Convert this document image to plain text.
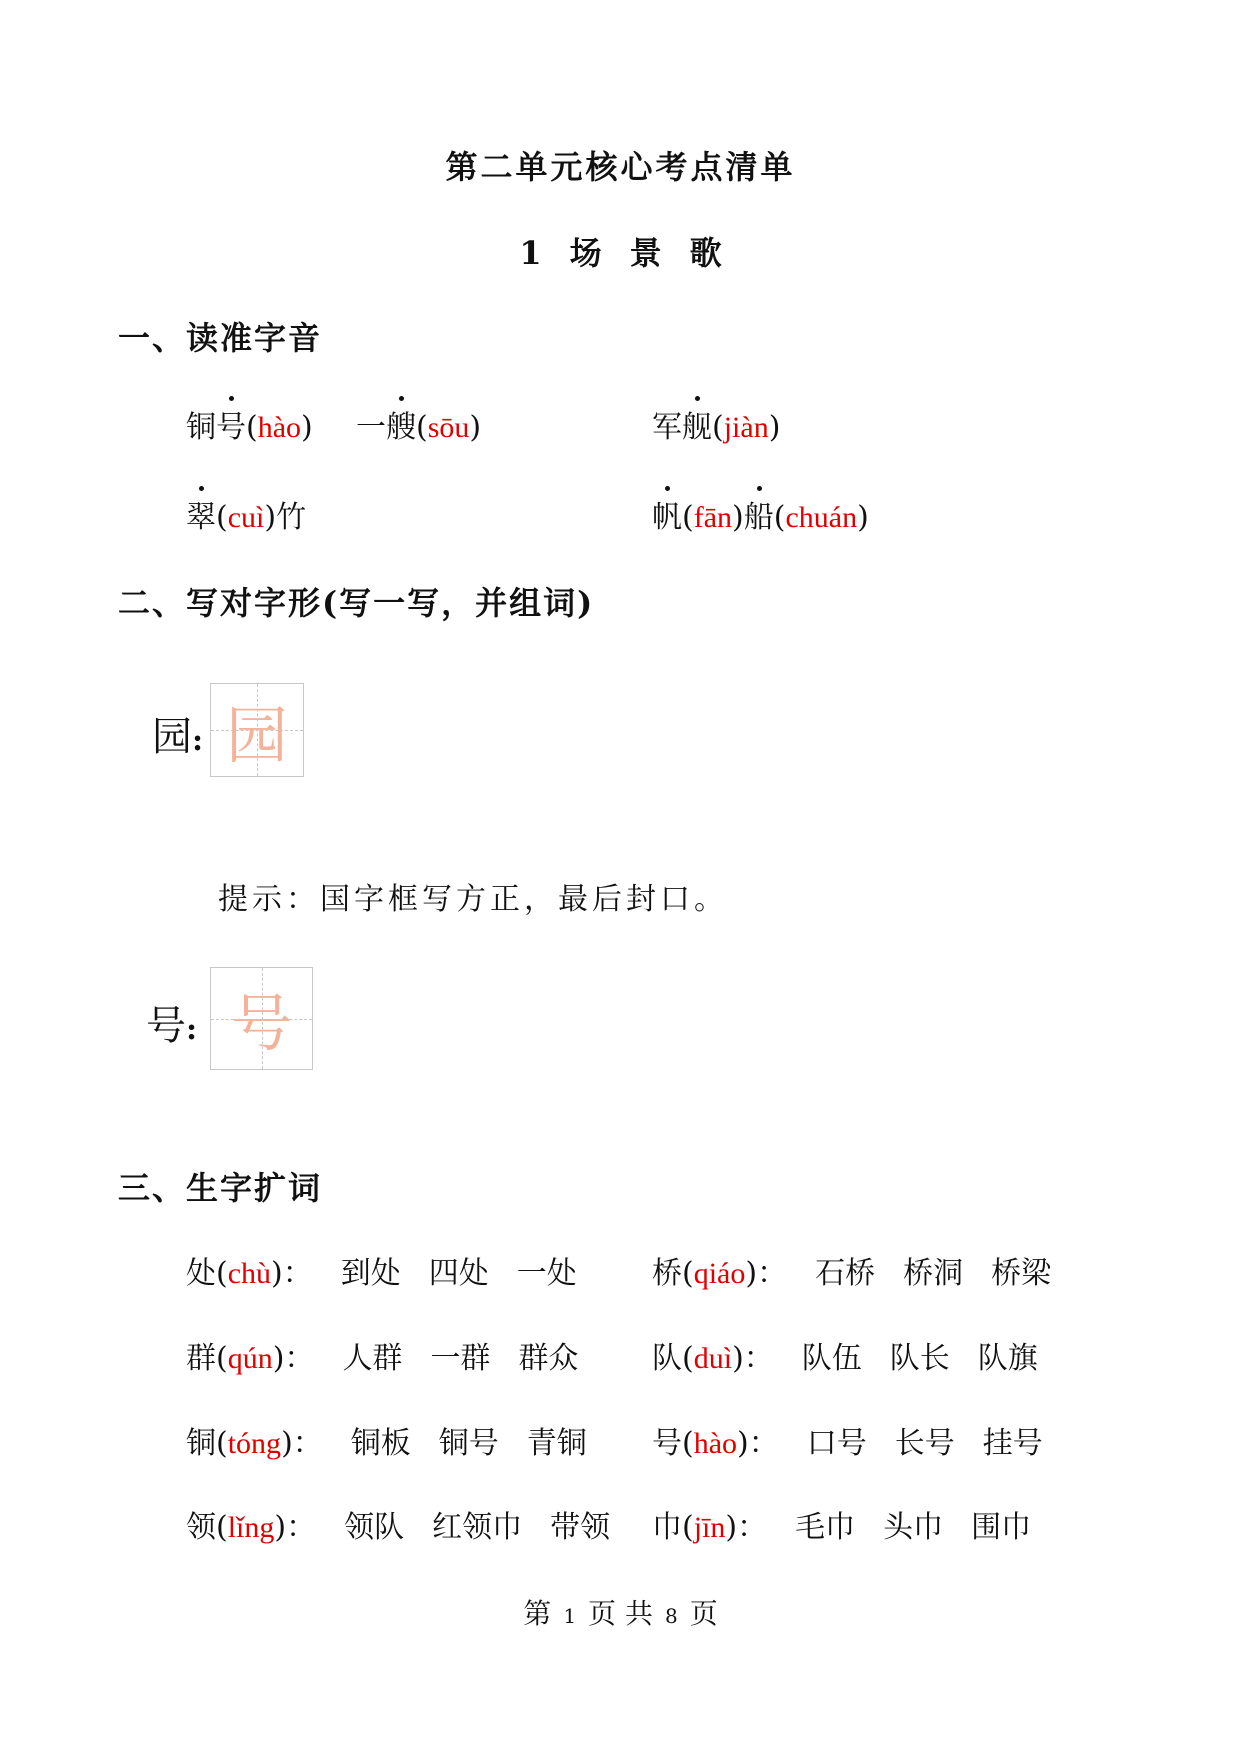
第二单元核心考点清单
1 场 景 歌
一、读准字音
铜号(hào) 一艘(sōu)	军舰(jiàn)
翠(cuì)竹	帆(fān)船(chuán)
二、写对字形(写一写，并组词)
园: 园
提示：国字框写方正，最后封口。
号: 号
三、生字扩词
处(chù)： 到处 四处 一处	桥(qiáo)： 石桥 桥洞 桥梁
群(qún)： 人群 一群 群众 队(duì)： 队伍 队长 队旗
铜(tóng)： 铜板 铜号 青铜 号(hào)： 口号 长号 挂号
领(lǐng)： 领队 红领巾 带领 巾(jīn)： 毛巾 头巾 围巾
第 1 页 共 8 页
